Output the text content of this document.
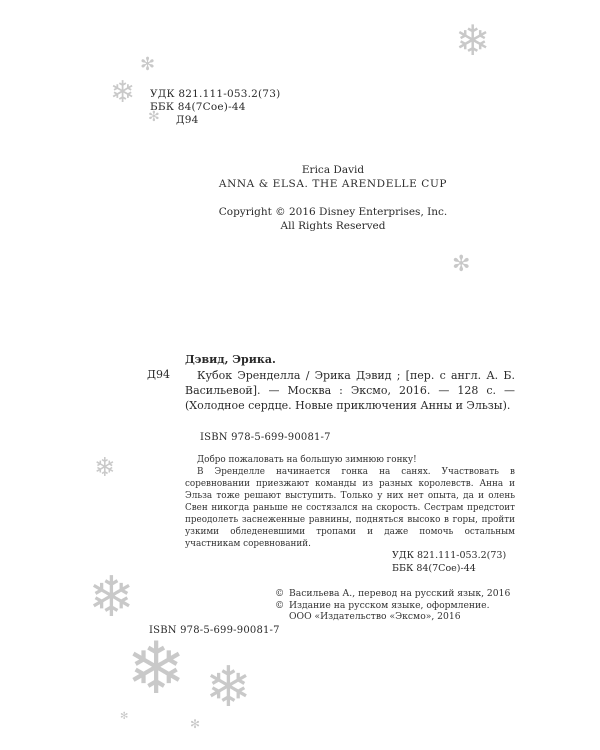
✻
❄
✻
❄
✻
❄
❄
❄ ❄
✻
✻
УДК 821.111-053.2(73)
ББК 84(7Сое)-44
Д94
Erica David
ANNA & ELSA. THE ARENDELLE CUP
Copyright © 2016 Disney Enterprises, Inc.
All Rights Reserved
Дэвид, Эрика.
Д94	Кубок Эренделла / Эрика Дэвид ; [пер. с англ. А. Б. Васильевой]. — Москва : Эксмо, 2016. — 128 с. — (Холодное сердце. Новые приключения Анны и Эльзы).
ISBN 978-5-699-90081-7

Добро пожаловать на большую зимнюю гонку!

В Эренделле начинается гонка на санях. Участвовать в соревновании приезжают команды из разных королевств. Анна и Эльза тоже решают выступить. Только у них нет опыта, да и олень Свен никогда раньше не состязался на скорость. Сестрам предстоит преодолеть заснеженные равнины, подняться высоко в горы, пройти узкими обледеневшими тропами и даже помочь остальным участникам соревнований.

УДК 821.111-053.2(73)
ББК 84(7Сое)-44
© Васильева А., перевод на русский язык, 2016
© Издание на русском языке, оформление. ООО «Издательство «Эксмо», 2016
ISBN 978-5-699-90081-7
